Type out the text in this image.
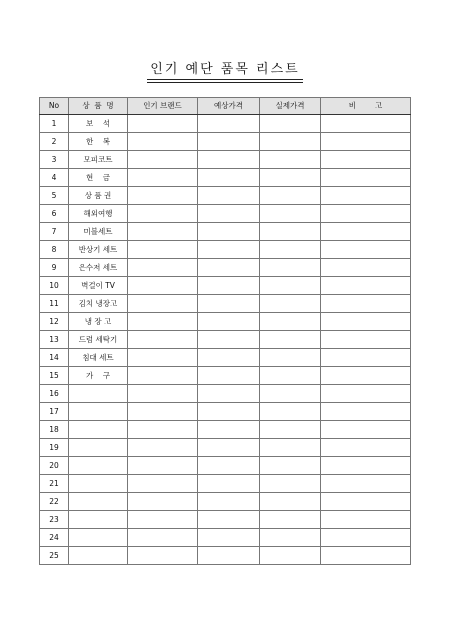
인기 예단 품목 리스트
No	상  품  명	인기 브랜드	예상가격	실제가격	비        고
1	보    석				
2	한    복				
3	모피코트				
4	현    금				
5	상 품 권				
6	해외여행				
7	미블세트				
8	반상기 세트				
9	은수저 세트				
10	벽걸이 TV				
11	김치 냉장고				
12	냉 장 고				
13	드럼 세탁기				
14	침대 세트				
15	가    구				
16					
17					
18					
19					
20					
21					
22					
23					
24					
25					
